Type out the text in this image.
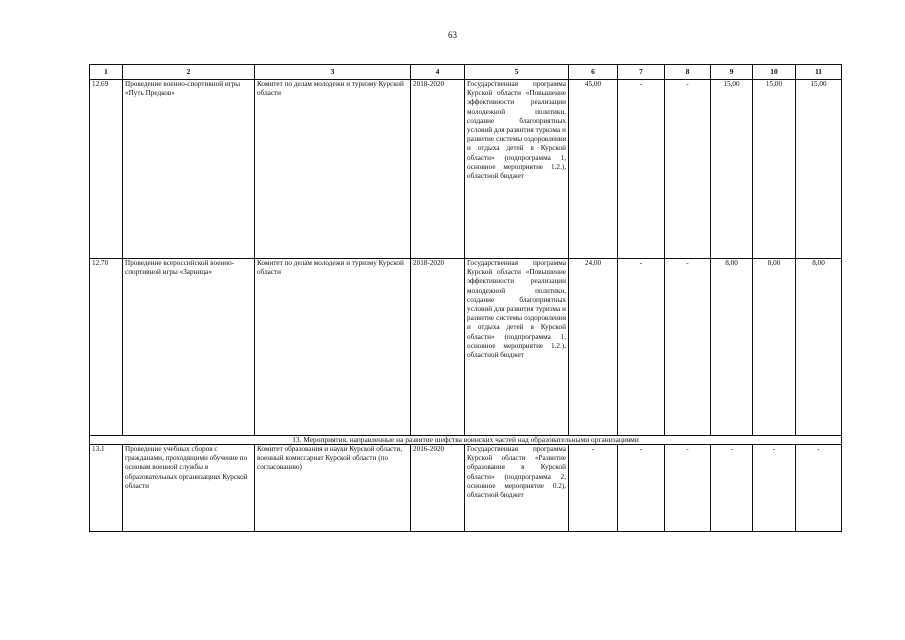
63
1	2	3	4	5	6	7	8	9	10	11
12.69	Проведение военно-спортивной игры «Путь Предков»	Комитет по делам молодежи и туризму Курской области	2018-2020	Государственная программа Курской области «Повышение эффективности реализации молодежной политики, создание благоприятных условий для развития туризма и развитие системы оздоровления и отдыха детей в Курской области» (подпрограмма 1, основное мероприятие 1.2.), областной бюджет	45,00	-	-	15,00	15,00	15,00
12.70	Проведение всероссийской военно-спортивной игры «Зарница»	Комитет по делам молодежи и туризму Курской области	2018-2020	Государственная программа Курской области «Повышение эффективности реализации молодежной политики, создание благоприятных условий для развития туризма и развитие системы оздоровления и отдыха детей в Курской области» (подпрограмма 1, основное мероприятие 1.2.), областной бюджет	24,00	-	-	8,00	8,00	8,00
13. Мероприятия, направленные на развитие шефства воинских частей над образовательными организациями										
13.1	Проведение учебных сборов с гражданами, проходящими обучение по основам военной службы в образовательных организациях Курской области	Комитет образования и науки Курской области, военный комиссариат Курской области (по согласованию)	2016-2020	Государственная программа Курской области «Развитие образования в Курской области» (подпрограмма 2, основное мероприятие 0.2), областной бюджет	-	-	-	-	-	-
